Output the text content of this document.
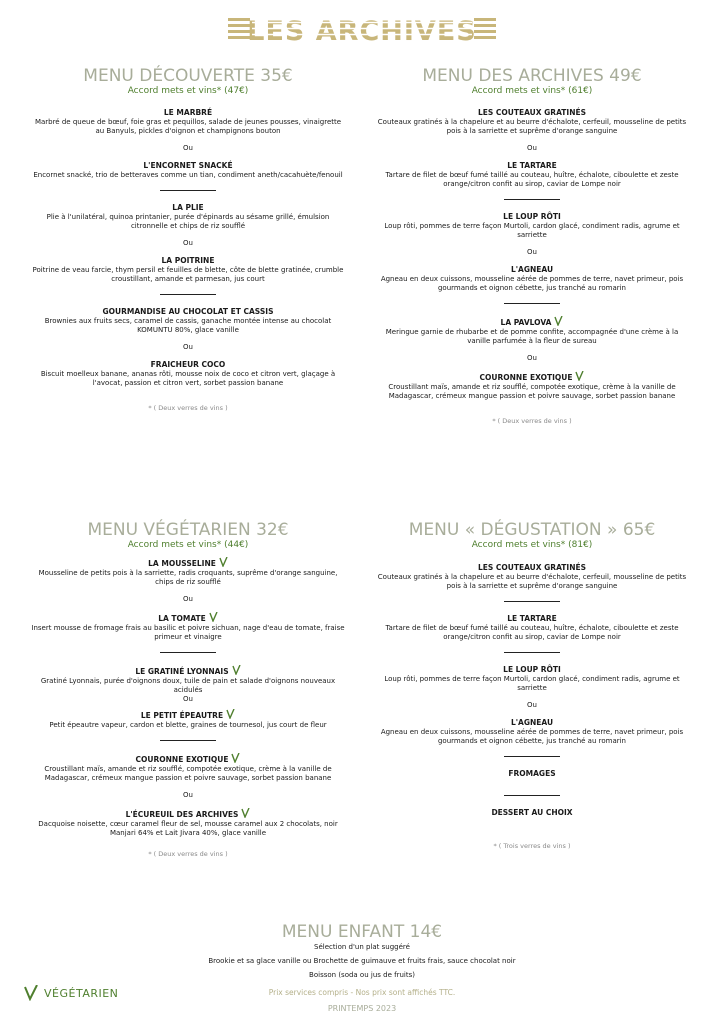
LES ARCHIVES
MENU DÉCOUVERTE 35€
Accord mets et vins* (47€)
LE MARBRÉ
Marbré de queue de bœuf, foie gras et pequillos, salade de jeunes pousses, vinaigrette au Banyuls, pickles d'oignon et champignons bouton
Ou
L'ENCORNET SNACKÉ
Encornet snacké, trio de betteraves comme un tian, condiment aneth/cacahuète/fenouil
LA PLIE
Plie à l'unilatéral, quinoa printanier, purée d'épinards au sésame grillé, émulsion citronnelle et chips de riz soufflé
Ou
LA POITRINE
Poitrine de veau farcie, thym persil et feuilles de blette, côte de blette gratinée, crumble croustillant, amande et parmesan, jus court
GOURMANDISE AU CHOCOLAT ET CASSIS
Brownies aux fruits secs, caramel de cassis, ganache montée intense au chocolat KOMUNTU 80%, glace vanille
Ou
FRAICHEUR COCO
Biscuit moelleux banane, ananas rôti, mousse noix de coco et citron vert, glaçage à l'avocat, passion et citron vert, sorbet passion banane
* ( Deux verres de vins )
MENU DES ARCHIVES 49€
Accord mets et vins* (61€)
LES COUTEAUX GRATINÉS
Couteaux gratinés à la chapelure et au beurre d'échalote, cerfeuil, mousseline de petits pois à la sarriette et suprême d'orange sanguine
Ou
LE TARTARE
Tartare de filet de bœuf fumé taillé au couteau, huître, échalote, ciboulette et zeste orange/citron confit au sirop, caviar de Lompe noir
LE LOUP RÔTI
Loup rôti, pommes de terre façon Murtoli, cardon glacé, condiment radis, agrume et sarriette
Ou
L'AGNEAU
Agneau en deux cuissons, mousseline aérée de pommes de terre, navet primeur, pois gourmands et oignon cébette, jus tranché au romarin
LA PAVLOVA
Meringue garnie de rhubarbe et de pomme confite, accompagnée d'une crème à la vanille parfumée à la fleur de sureau
Ou
COURONNE EXOTIQUE
Croustillant maïs, amande et riz soufflé, compotée exotique, crème à la vanille de Madagascar, crémeux mangue passion et poivre sauvage, sorbet passion banane
* ( Deux verres de vins )
MENU VÉGÉTARIEN 32€
Accord mets et vins* (44€)
LA MOUSSELINE
Mousseline de petits pois à la sarriette, radis croquants, suprême d'orange sanguine, chips de riz soufflé
Ou
LA TOMATE
Insert mousse de fromage frais au basilic et poivre sichuan, nage d'eau de tomate, fraise primeur et vinaigre
LE GRATINÉ LYONNAIS
Gratiné Lyonnais, purée d'oignons doux, tuile de pain et salade d'oignons nouveaux acidulés
Ou
LE PETIT ÉPEAUTRE
Petit épeautre vapeur, cardon et blette, graines de tournesol, jus court de fleur
COURONNE EXOTIQUE
Croustillant maïs, amande et riz soufflé, compotée exotique, crème à la vanille de Madagascar, crémeux mangue passion et poivre sauvage, sorbet passion banane
Ou
L'ÉCUREUIL DES ARCHIVES
Dacquoise noisette, cœur caramel fleur de sel, mousse caramel aux 2 chocolats, noir Manjari 64% et Lait Jivara 40%, glace vanille
* ( Deux verres de vins )
MENU « DÉGUSTATION » 65€
Accord mets et vins* (81€)
LES COUTEAUX GRATINÉS
Couteaux gratinés à la chapelure et au beurre d'échalote, cerfeuil, mousseline de petits pois à la sarriette et suprême d'orange sanguine
LE TARTARE
Tartare de filet de bœuf fumé taillé au couteau, huître, échalote, ciboulette et zeste orange/citron confit au sirop, caviar de Lompe noir
LE LOUP RÔTI
Loup rôti, pommes de terre façon Murtoli, cardon glacé, condiment radis, agrume et sarriette
Ou
L'AGNEAU
Agneau en deux cuissons, mousseline aérée de pommes de terre, navet primeur, pois gourmands et oignon cébette, jus tranché au romarin
FROMAGES
DESSERT AU CHOIX
* ( Trois verres de vins )
MENU ENFANT 14€
Sélection d'un plat suggéré
Brookie et sa glace vanille ou Brochette de guimauve et fruits frais, sauce chocolat noir
Boisson (soda ou jus de fruits)
VÉGÉTARIEN	Prix services compris - Nos prix sont affichés TTC.
PRINTEMPS 2023
